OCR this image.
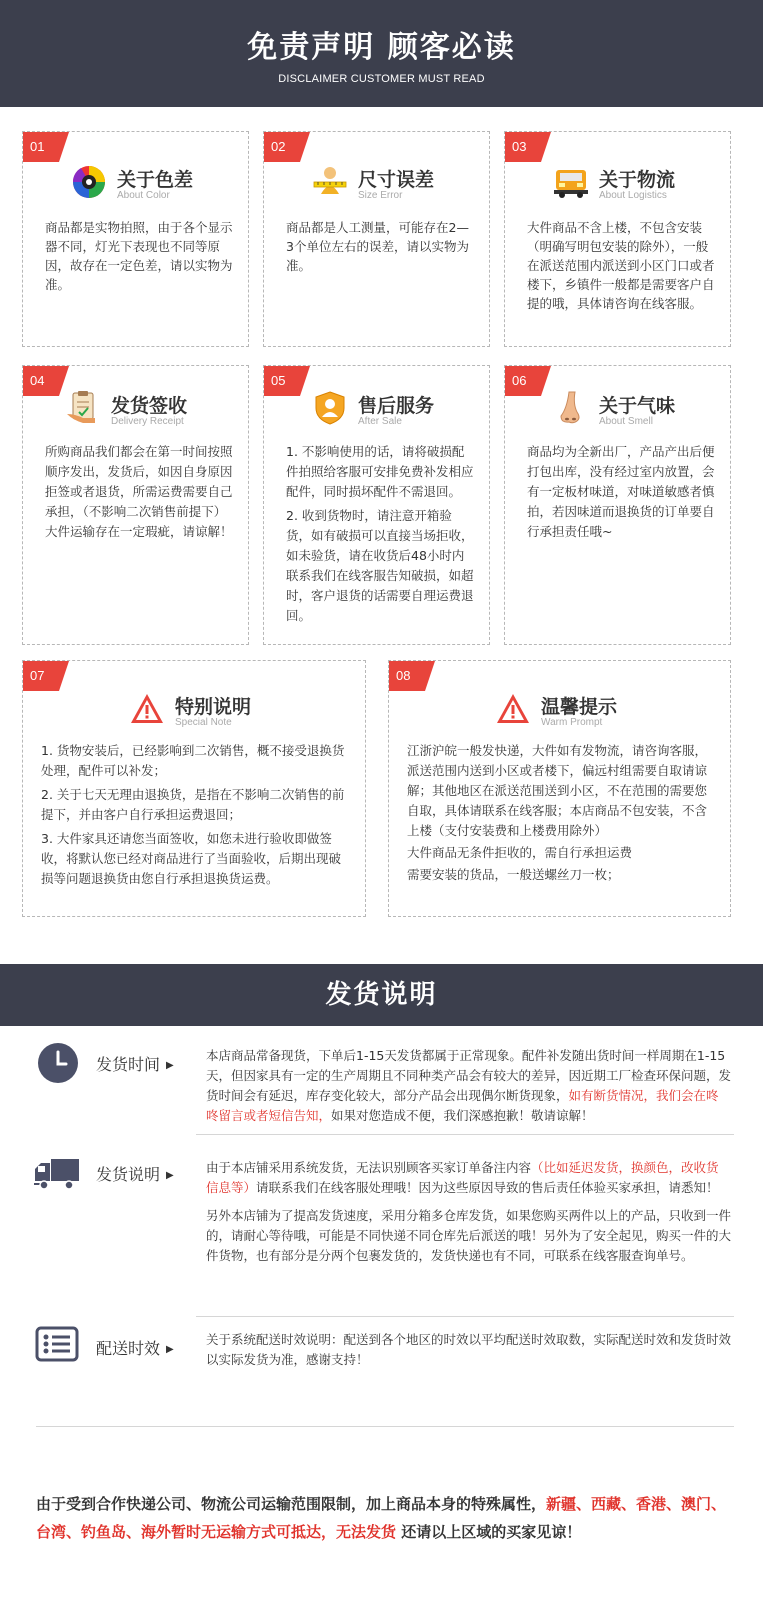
免责声明 顾客必读
DISCLAIMER CUSTOMER MUST READ
01
关于色差
About Color

商品都是实物拍照，由于各个显示器不同，灯光下表现也不同等原因，故存在一定色差，请以实物为准。

02
尺寸误差
Size Error

商品都是人工测量，可能存在2—3个单位左右的误差，请以实物为准。

03
关于物流
About Logistics

大件商品不含上楼，不包含安装（明确写明包安装的除外），一般在派送范围内派送到小区门口或者楼下，乡镇件一般都是需要客户自提的哦，具体请咨询在线客服。

04
发货签收
Delivery Receipt

所购商品我们都会在第一时间按照顺序发出，发货后，如因自身原因拒签或者退货，所需运费需要自己承担，（不影响二次销售前提下）大件运输存在一定瑕疵，请谅解！

05
售后服务
After Sale

1. 不影响使用的话，请将破损配件拍照给客服可安排免费补发相应配件，同时损坏配件不需退回。

2. 收到货物时，请注意开箱验货，如有破损可以直接当场拒收，如未验货，请在收货后48小时内联系我们在线客服告知破损，如超时，客户退货的话需要自理运费退回。

06
关于气味
About Smell

商品均为全新出厂，产品产出后便打包出库，没有经过室内放置，会有一定板材味道，对味道敏感者慎拍，若因味道而退换货的订单要自行承担责任哦~

07
特别说明
Special Note

1. 货物安装后，已经影响到二次销售，概不接受退换货处理，配件可以补发；

2. 关于七天无理由退换货，是指在不影响二次销售的前提下，并由客户自行承担运费退回；

3. 大件家具还请您当面签收，如您未进行验收即做签收，将默认您已经对商品进行了当面验收，后期出现破损等问题退换货由您自行承担退换货运费。

08
温馨提示
Warm Prompt

江浙沪皖一般发快递，大件如有发物流，请咨询客服，派送范围内送到小区或者楼下，偏远村组需要自取请谅解；其他地区在派送范围送到小区，不在范围的需要您自取，具体请联系在线客服；本店商品不包安装，不含上楼（支付安装费和上楼费用除外）

大件商品无条件拒收的，需自行承担运费

需要安装的货品，一般送螺丝刀一枚；

发货说明
发货时间 ▶

本店商品常备现货，下单后1-15天发货都属于正常现象。配件补发随出货时间一样周期在1-15天，但因家具有一定的生产周期且不同种类产品会有较大的差异，因近期工厂检查环保问题，发货时间会有延迟，库存变化较大，部分产品会出现偶尔断货现象，如有断货情况，我们会在咚咚留言或者短信告知，如果对您造成不便，我们深感抱歉！敬请谅解！

发货说明 ▶

由于本店铺采用系统发货，无法识别顾客买家订单备注内容（比如延迟发货，换颜色，改收货信息等）请联系我们在线客服处理哦！因为这些原因导致的售后责任体验买家承担，请悉知！

另外本店铺为了提高发货速度，采用分箱多仓库发货，如果您购买两件以上的产品，只收到一件的，请耐心等待哦，可能是不同快递不同仓库先后派送的哦！另外为了安全起见，购买一件的大件货物，也有部分是分两个包裹发货的，发货快递也有不同，可联系在线客服查询单号。

配送时效 ▶

关于系统配送时效说明：配送到各个地区的时效以平均配送时效取数，实际配送时效和发货时效以实际发货为准，感谢支持！

由于受到合作快递公司、物流公司运输范围限制，加上商品本身的特殊属性，新疆、西藏、香港、澳门、台湾、钓鱼岛、海外暂时无运输方式可抵达，无法发货 还请以上区域的买家见谅！
